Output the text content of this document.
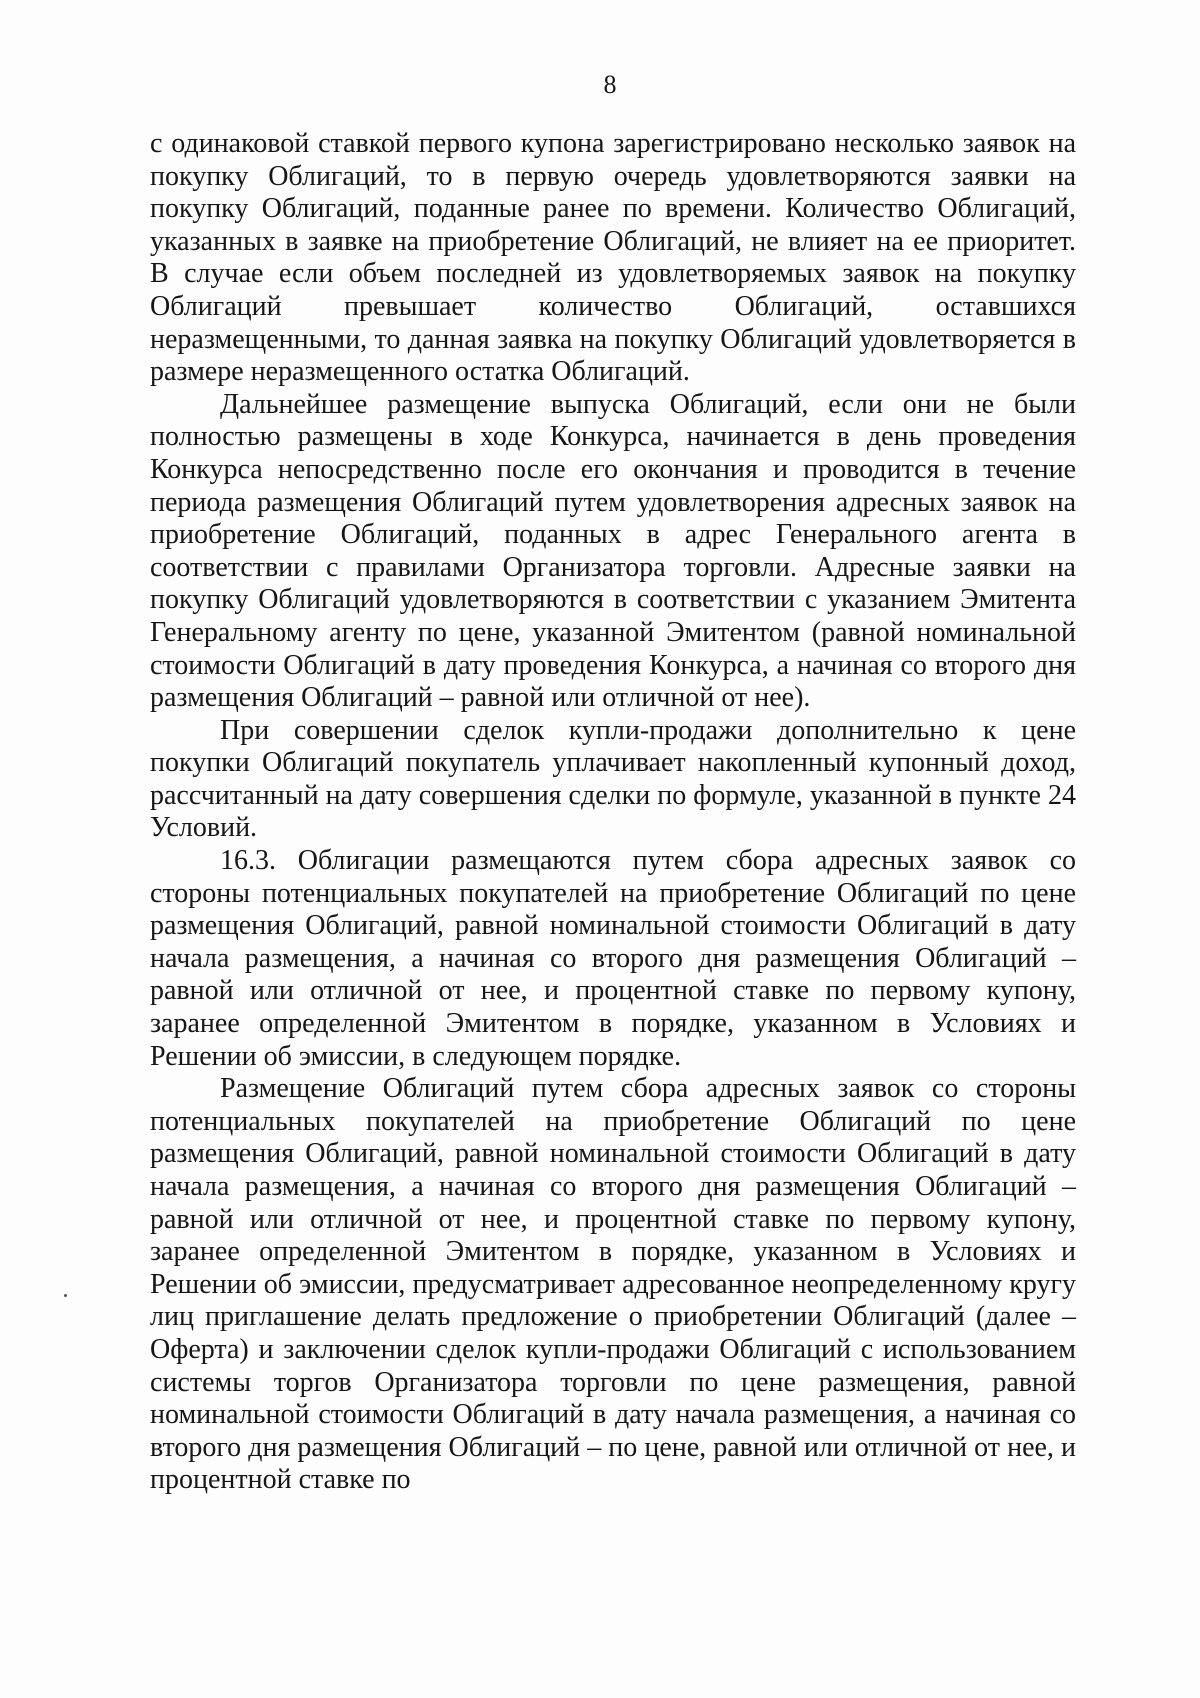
8

с одинаковой ставкой первого купона зарегистрировано несколько заявок на покупку Облигаций, то в первую очередь удовлетворяются заявки на покупку Облигаций, поданные ранее по времени. Количество Облигаций, указанных в заявке на приобретение Облигаций, не влияет на ее приоритет. В случае если объем последней из удовлетворяемых заявок на покупку Облигаций превышает количество Облигаций, оставшихся неразмещенными, то данная заявка на покупку Облигаций удовлетворяется в размере неразмещенного остатка Облигаций.

Дальнейшее размещение выпуска Облигаций, если они не были полностью размещены в ходе Конкурса, начинается в день проведения Конкурса непосредственно после его окончания и проводится в течение периода размещения Облигаций путем удовлетворения адресных заявок на приобретение Облигаций, поданных в адрес Генерального агента в соответствии с правилами Организатора торговли. Адресные заявки на покупку Облигаций удовлетворяются в соответствии с указанием Эмитента Генеральному агенту по цене, указанной Эмитентом (равной номинальной стоимости Облигаций в дату проведения Конкурса, а начиная со второго дня размещения Облигаций – равной или отличной от нее).

При совершении сделок купли-продажи дополнительно к цене покупки Облигаций покупатель уплачивает накопленный купонный доход, рассчитанный на дату совершения сделки по формуле, указанной в пункте 24 Условий.

16.3. Облигации размещаются путем сбора адресных заявок со стороны потенциальных покупателей на приобретение Облигаций по цене размещения Облигаций, равной номинальной стоимости Облигаций в дату начала размещения, а начиная со второго дня размещения Облигаций – равной или отличной от нее, и процентной ставке по первому купону, заранее определенной Эмитентом в порядке, указанном в Условиях и Решении об эмиссии, в следующем порядке.

Размещение Облигаций путем сбора адресных заявок со стороны потенциальных покупателей на приобретение Облигаций по цене размещения Облигаций, равной номинальной стоимости Облигаций в дату начала размещения, а начиная со второго дня размещения Облигаций – равной или отличной от нее, и процентной ставке по первому купону, заранее определенной Эмитентом в порядке, указанном в Условиях и Решении об эмиссии, предусматривает адресованное неопределенному кругу лиц приглашение делать предложение о приобретении Облигаций (далее – Оферта) и заключении сделок купли-продажи Облигаций с использованием системы торгов Организатора торговли по цене размещения, равной номинальной стоимости Облигаций в дату начала размещения, а начиная со второго дня размещения Облигаций – по цене, равной или отличной от нее, и процентной ставке по
